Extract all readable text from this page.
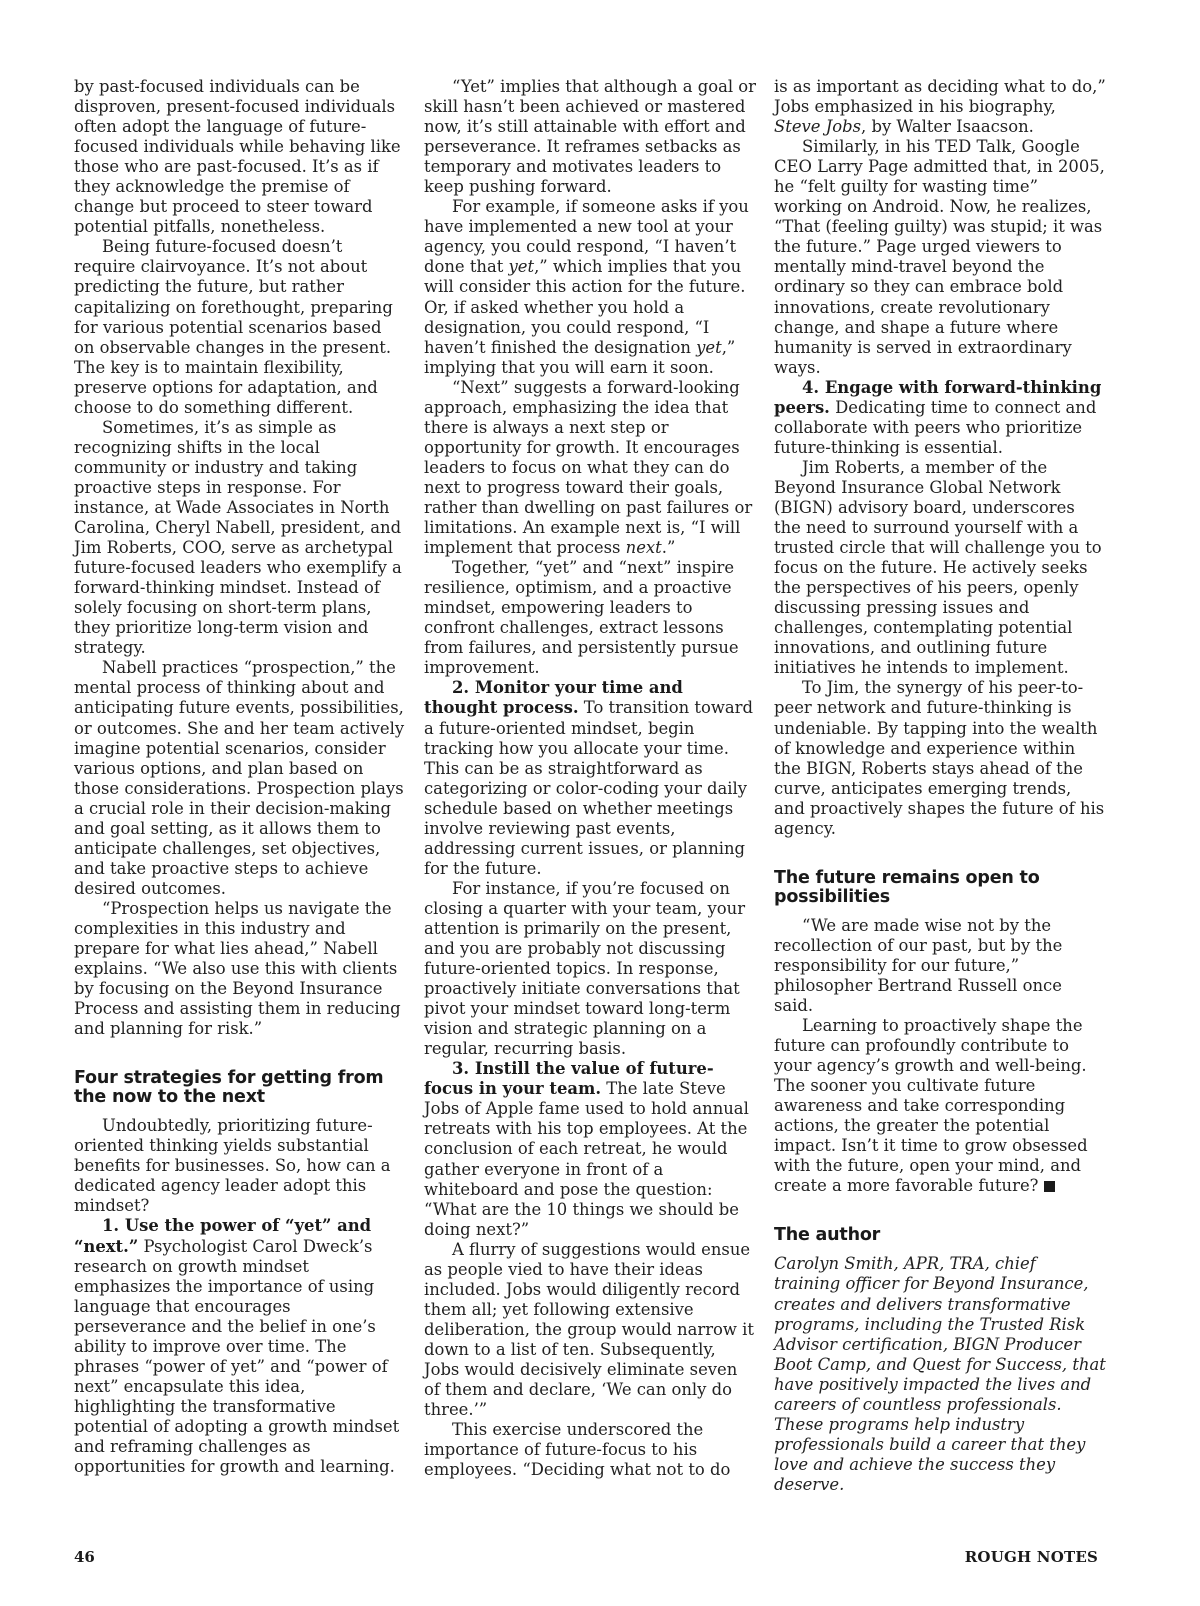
by past-focused individuals can be disproven, present-focused individuals often adopt the language of future-focused individuals while behaving like those who are past-focused. It’s as if they acknowledge the premise of change but proceed to steer toward potential pitfalls, nonetheless.

Being future-focused doesn’t require clairvoyance. It’s not about predicting the future, but rather capitalizing on forethought, preparing for various potential scenarios based on observable changes in the present. The key is to maintain flexibility, preserve options for adaptation, and choose to do something different.

Sometimes, it’s as simple as recognizing shifts in the local community or industry and taking proactive steps in response. For instance, at Wade Associates in North Carolina, Cheryl Nabell, president, and Jim Roberts, COO, serve as archetypal future-focused leaders who exemplify a forward-thinking mindset. Instead of solely focusing on short-term plans, they prioritize long-term vision and strategy.

Nabell practices “prospection,” the mental process of thinking about and anticipating future events, possibilities, or outcomes. She and her team actively imagine potential scenarios, consider various options, and plan based on those considerations. Prospection plays a crucial role in their decision-making and goal setting, as it allows them to anticipate challenges, set objectives, and take proactive steps to achieve desired outcomes.

“Prospection helps us navigate the complexities in this industry and prepare for what lies ahead,” Nabell explains. “We also use this with clients by focusing on the Beyond Insurance Process and assisting them in reducing and planning for risk.”

Four strategies for getting from the now to the next

Undoubtedly, prioritizing future-oriented thinking yields substantial benefits for businesses. So, how can a dedicated agency leader adopt this mindset?

1. Use the power of “yet” and “next.” Psychologist Carol Dweck’s research on growth mindset emphasizes the importance of using language that encourages perseverance and the belief in one’s ability to improve over time. The phrases “power of yet” and “power of next” encapsulate this idea, highlighting the transformative potential of adopting a growth mindset and reframing challenges as opportunities for growth and learning.

“Yet” implies that although a goal or skill hasn’t been achieved or mastered now, it’s still attainable with effort and perseverance. It reframes setbacks as temporary and motivates leaders to keep pushing forward.

For example, if someone asks if you have implemented a new tool at your agency, you could respond, “I haven’t done that yet,” which implies that you will consider this action for the future. Or, if asked whether you hold a designation, you could respond, “I haven’t finished the designation yet,” implying that you will earn it soon.

“Next” suggests a forward-looking approach, emphasizing the idea that there is always a next step or opportunity for growth. It encourages leaders to focus on what they can do next to progress toward their goals, rather than dwelling on past failures or limitations. An example next is, “I will implement that process next.”

Together, “yet” and “next” inspire resilience, optimism, and a proactive mindset, empowering leaders to confront challenges, extract lessons from failures, and persistently pursue improvement.

2. Monitor your time and thought process. To transition toward a future-oriented mindset, begin tracking how you allocate your time. This can be as straightforward as categorizing or color-coding your daily schedule based on whether meetings involve reviewing past events, addressing current issues, or planning for the future.

For instance, if you’re focused on closing a quarter with your team, your attention is primarily on the present, and you are probably not discussing future-oriented topics. In response, proactively initiate conversations that pivot your mindset toward long-term vision and strategic planning on a regular, recurring basis.

3. Instill the value of future-focus in your team. The late Steve Jobs of Apple fame used to hold annual retreats with his top employees. At the conclusion of each retreat, he would gather everyone in front of a whiteboard and pose the question: “What are the 10 things we should be doing next?”

A flurry of suggestions would ensue as people vied to have their ideas included. Jobs would diligently record them all; yet following extensive deliberation, the group would narrow it down to a list of ten. Subsequently, Jobs would decisively eliminate seven of them and declare, ‘We can only do three.’”

This exercise underscored the importance of future-focus to his employees. “Deciding what not to do

is as important as deciding what to do,” Jobs emphasized in his biography, Steve Jobs, by Walter Isaacson.

Similarly, in his TED Talk, Google CEO Larry Page admitted that, in 2005, he “felt guilty for wasting time” working on Android. Now, he realizes, “That (feeling guilty) was stupid; it was the future.” Page urged viewers to mentally mind-travel beyond the ordinary so they can embrace bold innovations, create revolutionary change, and shape a future where humanity is served in extraordinary ways.

4. Engage with forward-thinking peers. Dedicating time to connect and collaborate with peers who prioritize future-thinking is essential.

Jim Roberts, a member of the Beyond Insurance Global Network (BIGN) advisory board, underscores the need to surround yourself with a trusted circle that will challenge you to focus on the future. He actively seeks the perspectives of his peers, openly discussing pressing issues and challenges, contemplating potential innovations, and outlining future initiatives he intends to implement.

To Jim, the synergy of his peer-to-peer network and future-thinking is undeniable. By tapping into the wealth of knowledge and experience within the BIGN, Roberts stays ahead of the curve, anticipates emerging trends, and proactively shapes the future of his agency.

The future remains open to possibilities

“We are made wise not by the recollection of our past, but by the responsibility for our future,” philosopher Bertrand Russell once said.

Learning to proactively shape the future can profoundly contribute to your agency’s growth and well-being. The sooner you cultivate future awareness and take corresponding actions, the greater the potential impact. Isn’t it time to grow obsessed with the future, open your mind, and create a more favorable future?

The author

Carolyn Smith, APR, TRA, chief training officer for Beyond Insurance, creates and delivers transformative programs, including the Trusted Risk Advisor certification, BIGN Producer Boot Camp, and Quest for Success, that have positively impacted the lives and careers of countless professionals. These programs help industry professionals build a career that they love and achieve the success they deserve.

46	ROUGH NOTES
